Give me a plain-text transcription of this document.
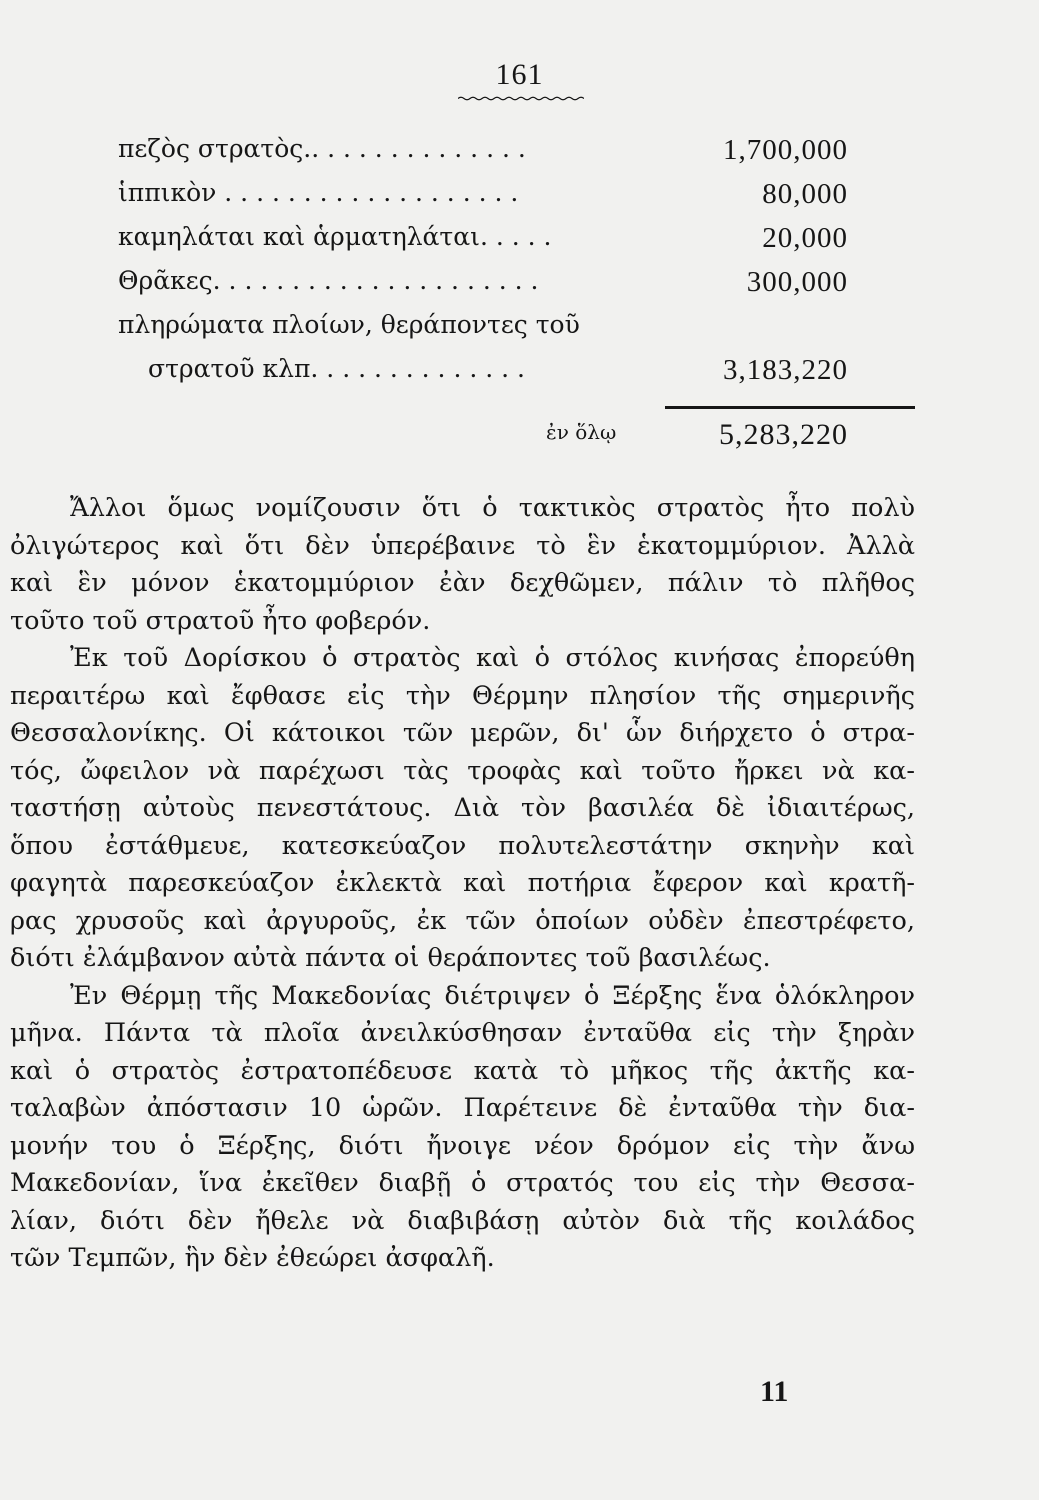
161
πεζὸς στρατὸς.. . . . . . . . . . . . . .	1,700,000
ἱππικὸν . . . . . . . . . . . . . . . . . . .	80,000
καμηλάται καὶ ἁρματηλάται. . . . .	20,000
Θρᾶκες. . . . . . . . . . . . . . . . . . . . .	300,000
πληρώματα πλοίων, θεράποντες τοῦ
στρατοῦ κλπ. . . . . . . . . . . . . .	3,183,220
ἐν ὅλῳ	5,283,220
Ἄλλοι ὅμως νομίζουσιν ὅτι ὁ τακτικὸς στρατὸς ἦτο πολὺ
ὀλιγώτερος καὶ ὅτι δὲν ὑπερέβαινε τὸ ἓν ἑκατομμύριον. Ἀλλὰ
καὶ ἓν μόνον ἑκατομμύριον ἐὰν δεχθῶμεν, πάλιν τὸ πλῆθος
τοῦτο τοῦ στρατοῦ ἦτο φοβερόν.
Ἐκ τοῦ Δορίσκου ὁ στρατὸς καὶ ὁ στόλος κινήσας ἐπορεύθη
περαιτέρω καὶ ἔφθασε εἰς τὴν Θέρμην πλησίον τῆς σημερινῆς
Θεσσαλονίκης. Οἱ κάτοικοι τῶν μερῶν, δι' ὧν διήρχετο ὁ στρα-
τός, ὤφειλον νὰ παρέχωσι τὰς τροφὰς καὶ τοῦτο ἤρκει νὰ κα-
ταστήσῃ αὐτοὺς πενεστάτους. Διὰ τὸν βασιλέα δὲ ἰδιαιτέρως,
ὅπου ἐστάθμευε, κατεσκεύαζον πολυτελεστάτην σκηνὴν καὶ
φαγητὰ παρεσκεύαζον ἐκλεκτὰ καὶ ποτήρια ἔφερον καὶ κρατῆ-
ρας χρυσοῦς καὶ ἀργυροῦς, ἐκ τῶν ὁποίων οὐδὲν ἐπεστρέφετο,
διότι ἐλάμβανον αὐτὰ πάντα οἱ θεράποντες τοῦ βασιλέως.
Ἐν Θέρμῃ τῆς Μακεδονίας διέτριψεν ὁ Ξέρξης ἕνα ὁλόκληρον
μῆνα. Πάντα τὰ πλοῖα ἀνειλκύσθησαν ἐνταῦθα εἰς τὴν ξηρὰν
καὶ ὁ στρατὸς ἐστρατοπέδευσε κατὰ τὸ μῆκος τῆς ἀκτῆς κα-
ταλαβὼν ἀπόστασιν 10 ὡρῶν. Παρέτεινε δὲ ἐνταῦθα τὴν δια-
μονήν του ὁ Ξέρξης, διότι ἤνοιγε νέον δρόμον εἰς τὴν ἄνω
Μακεδονίαν, ἵνα ἐκεῖθεν διαβῇ ὁ στρατός του εἰς τὴν Θεσσα-
λίαν, διότι δὲν ἤθελε νὰ διαβιβάσῃ αὐτὸν διὰ τῆς κοιλάδος
τῶν Τεμπῶν, ἣν δὲν ἐθεώρει ἀσφαλῆ.
11
